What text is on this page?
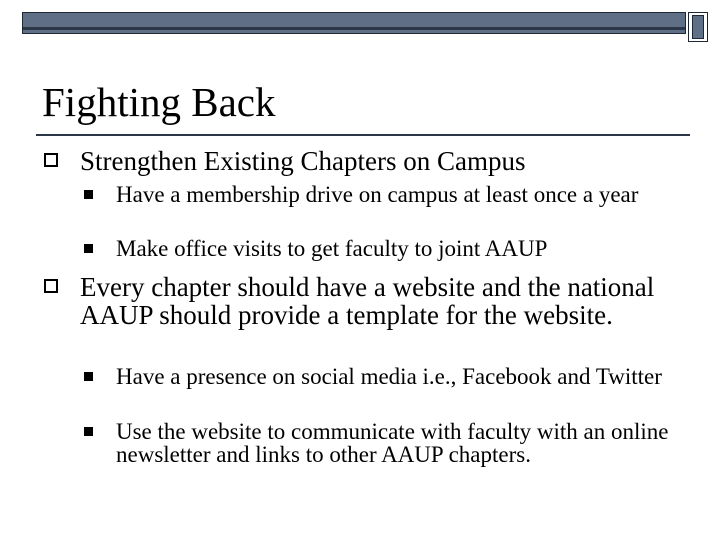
Fighting Back
Strengthen Existing Chapters on Campus
Have a membership drive on campus at least once a year
Make office visits to get faculty to joint AAUP
Every chapter should have a website and the national AAUP should provide a template for the website.
Have a presence on social media i.e., Facebook and Twitter
Use the website to communicate with faculty with an online newsletter and links to other AAUP chapters.
